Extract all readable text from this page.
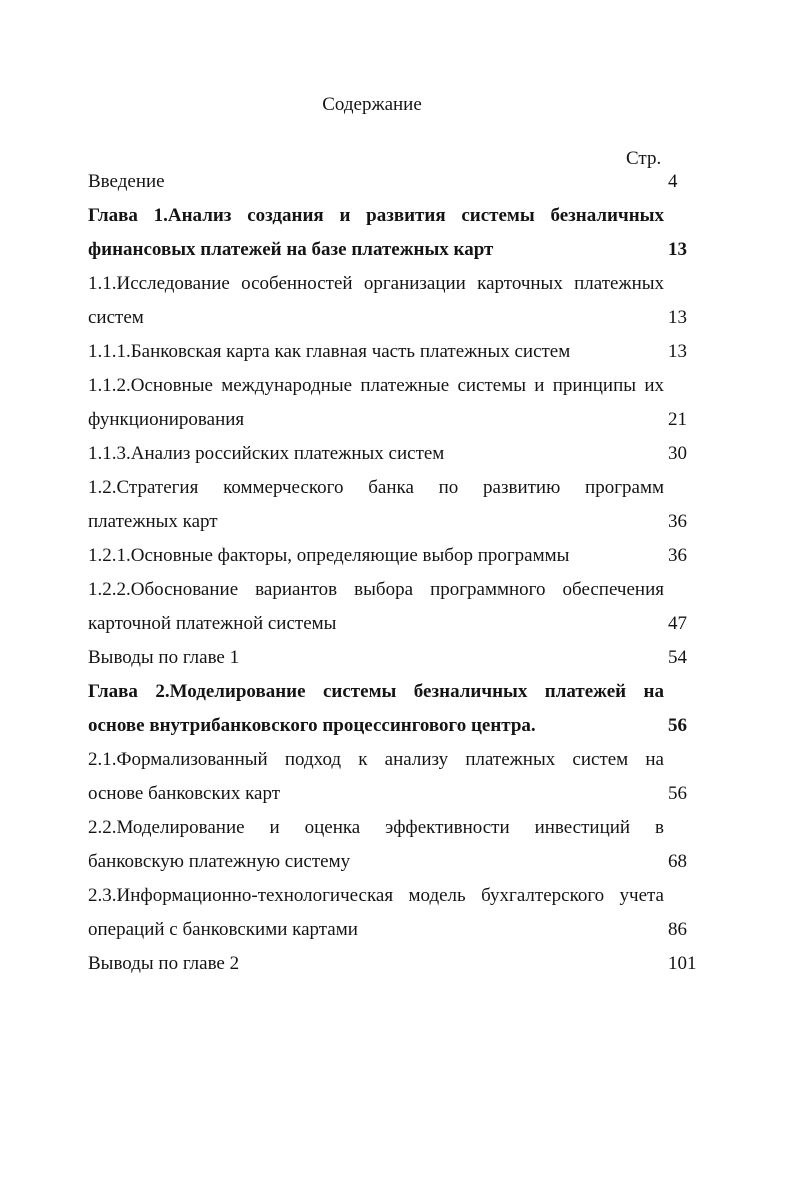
Содержание
Стр.
Введение	4
Глава 1.Анализ создания и развития системы безналичных
финансовых платежей на базе платежных карт	13
1.1.Исследование особенностей организации карточных платежных
систем	13
1.1.1.Банковская карта как главная часть платежных систем	13
1.1.2.Основные международные платежные системы и принципы их
функционирования	21
1.1.3.Анализ российских платежных систем	30
1.2.Стратегия коммерческого банка по развитию программ
платежных карт	36
1.2.1.Основные факторы, определяющие выбор программы	36
1.2.2.Обоснование вариантов выбора программного обеспечения
карточной платежной системы	47
Выводы по главе 1	54
Глава 2.Моделирование системы безналичных платежей на
основе внутрибанковского процессингового центра.	56
2.1.Формализованный подход к анализу платежных систем на
основе банковских карт	56
2.2.Моделирование и оценка эффективности инвестиций в
банковскую платежную систему	68
2.3.Информационно-технологическая модель бухгалтерского учета
операций с банковскими картами	86
Выводы по главе 2	101
